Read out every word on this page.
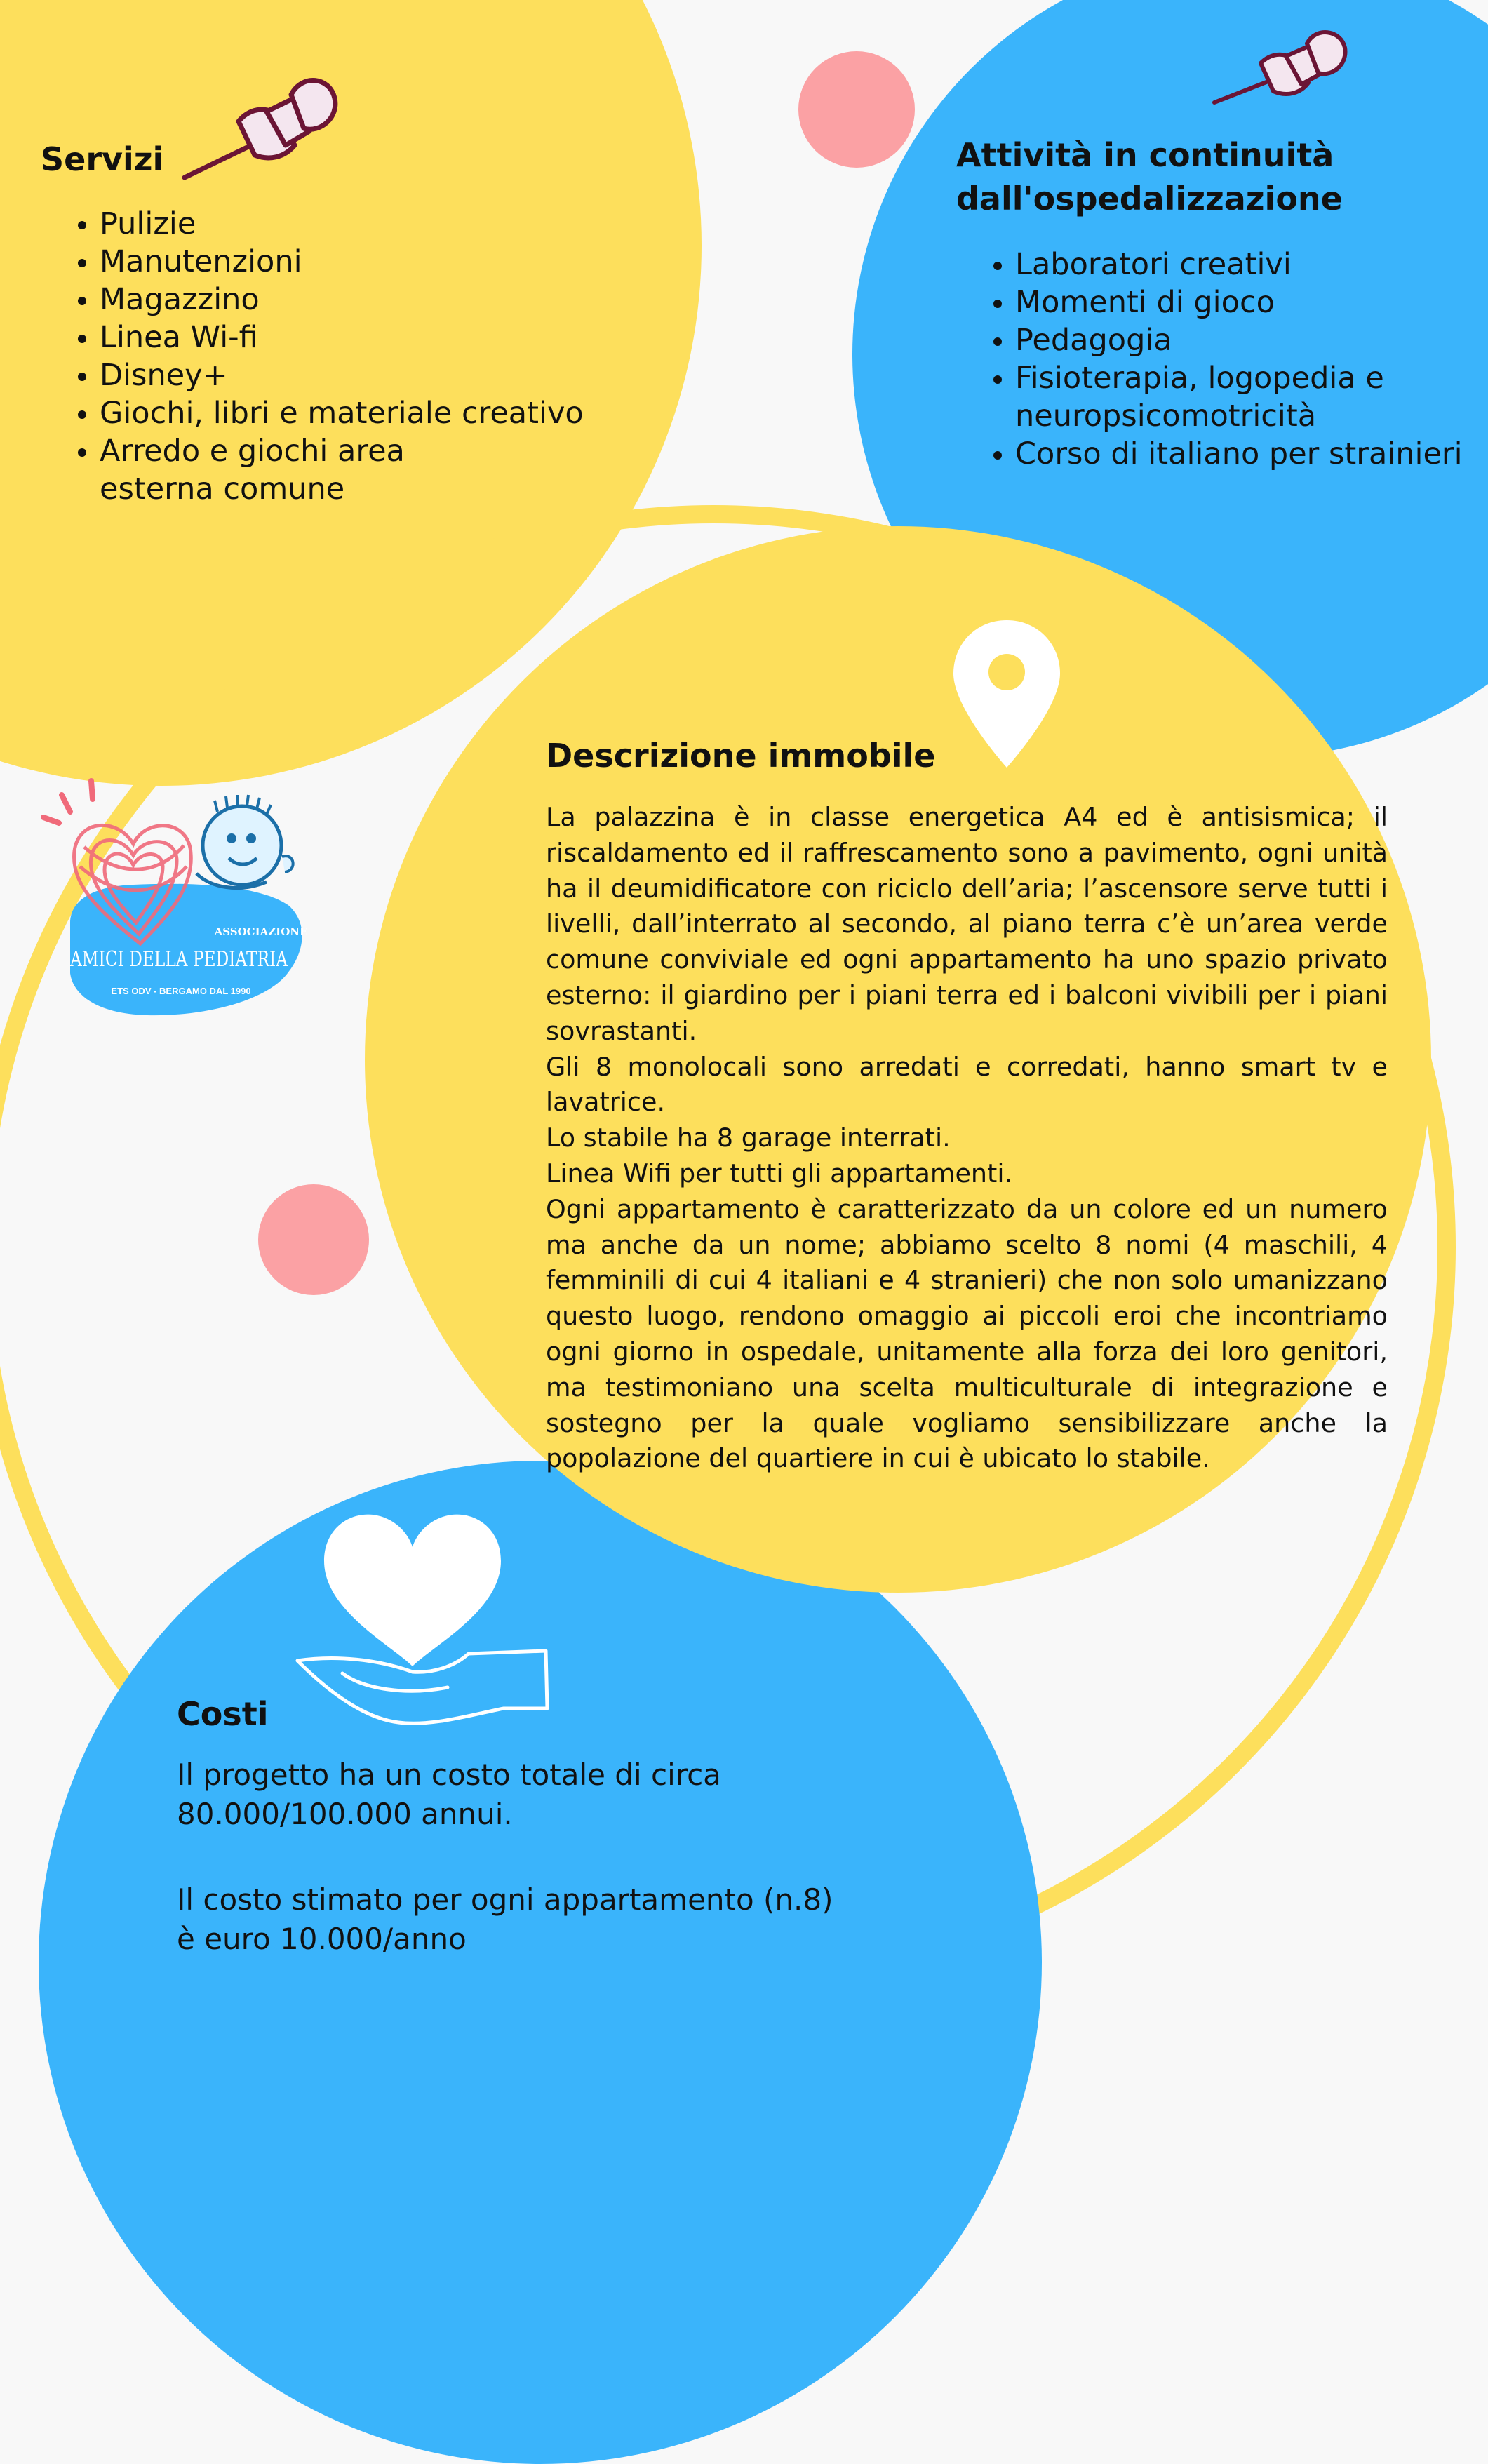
Servizi
• Pulizie
• Manutenzioni
• Magazzino
• Linea Wi-fi
• Disney+
• Giochi, libri e materiale creativo
• Arredo e giochi area esterna comune
Attività in continuità
dall'ospedalizzazione
• Laboratori creativi
• Momenti di gioco
• Pedagogia
• Fisioterapia, logopedia e neuropsicomotricità
• Corso di italiano per strainieri
Descrizione immobile

La palazzina è in classe energetica A4 ed è antisismica; il riscaldamento ed il raffrescamento sono a pavimento, ogni unità ha il deumidificatore con riciclo dell’aria; l’ascensore serve tutti i livelli, dall’interrato al secondo, al piano terra c’è un’area verde comune conviviale ed ogni appartamento ha uno spazio privato esterno: il giardino per i piani terra ed i balconi vivibili per i piani sovrastanti.

Gli 8 monolocali sono arredati e corredati, hanno smart tv e lavatrice.

Lo stabile ha 8 garage interrati.

Linea Wifi per tutti gli appartamenti.

Ogni appartamento è caratterizzato da un colore ed un numero ma anche da un nome; abbiamo scelto 8 nomi (4 maschili, 4 femminili di cui 4 italiani e 4 stranieri) che non solo umanizzano questo luogo, rendono omaggio ai piccoli eroi che incontriamo ogni giorno in ospedale, unitamente alla forza dei loro genitori, ma testimoniano una scelta multiculturale di integrazione e sostegno per la quale vogliamo sensibilizzare anche la popolazione del quartiere in cui è ubicato lo stabile.

ASSOCIAZIONE
AMICI DELLA PEDIATRIA
ETS ODV - BERGAMO DAL 1990
Costi

Il progetto ha un costo totale di circa

80.000/100.000 annui.

Il costo stimato per ogni appartamento (n.8)

è euro 10.000/anno
